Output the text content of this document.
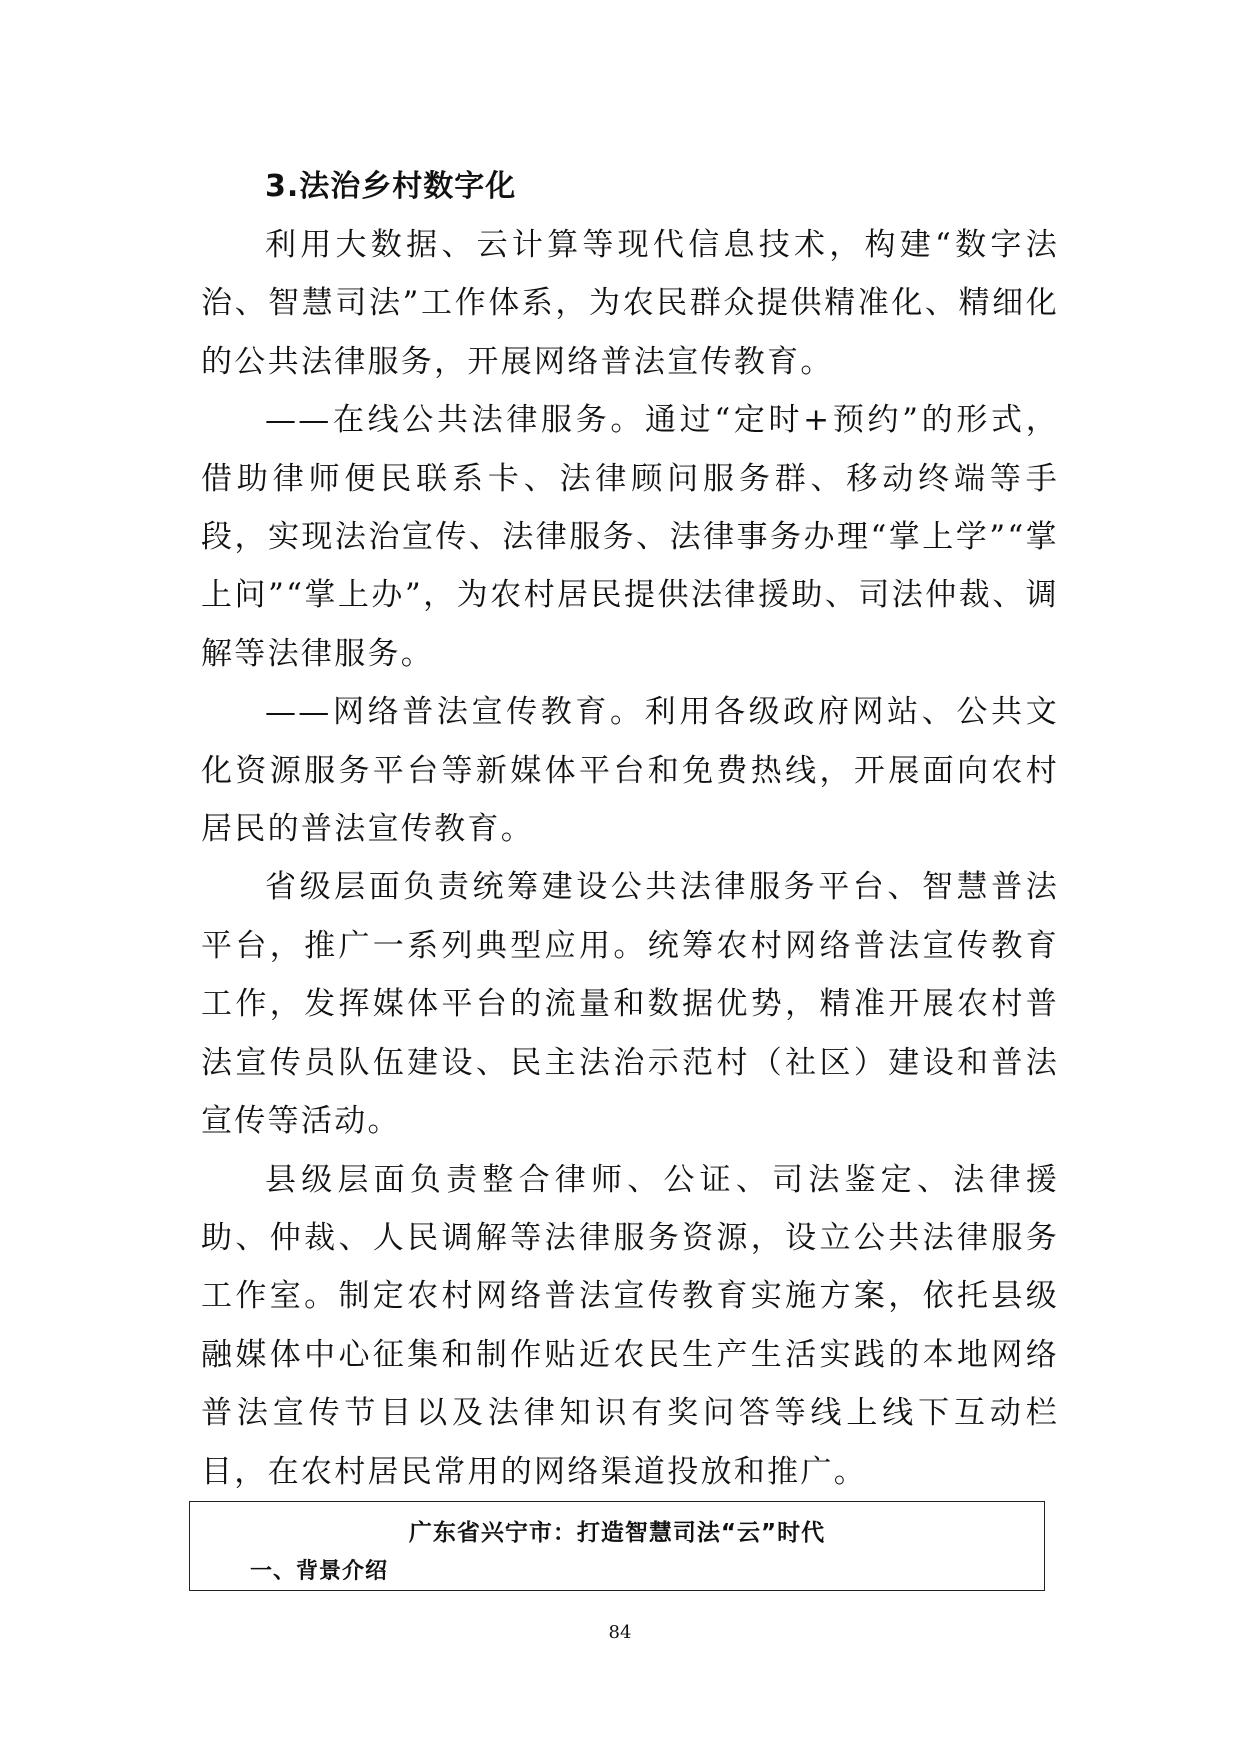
3.法治乡村数字化

利用大数据、云计算等现代信息技术，构建“数字法治、智慧司法”工作体系，为农民群众提供精准化、精细化的公共法律服务，开展网络普法宣传教育。

——在线公共法律服务。通过“定时+预约”的形式，借助律师便民联系卡、法律顾问服务群、移动终端等手段，实现法治宣传、法律服务、法律事务办理“掌上学”“掌上问”“掌上办”，为农村居民提供法律援助、司法仲裁、调解等法律服务。

——网络普法宣传教育。利用各级政府网站、公共文化资源服务平台等新媒体平台和免费热线，开展面向农村居民的普法宣传教育。

省级层面负责统筹建设公共法律服务平台、智慧普法平台，推广一系列典型应用。统筹农村网络普法宣传教育工作，发挥媒体平台的流量和数据优势，精准开展农村普法宣传员队伍建设、民主法治示范村（社区）建设和普法宣传等活动。

县级层面负责整合律师、公证、司法鉴定、法律援助、仲裁、人民调解等法律服务资源，设立公共法律服务工作室。制定农村网络普法宣传教育实施方案，依托县级融媒体中心征集和制作贴近农民生产生活实践的本地网络普法宣传节目以及法律知识有奖问答等线上线下互动栏目，在农村居民常用的网络渠道投放和推广。

广东省兴宁市：打造智慧司法“云”时代
一、背景介绍
84
